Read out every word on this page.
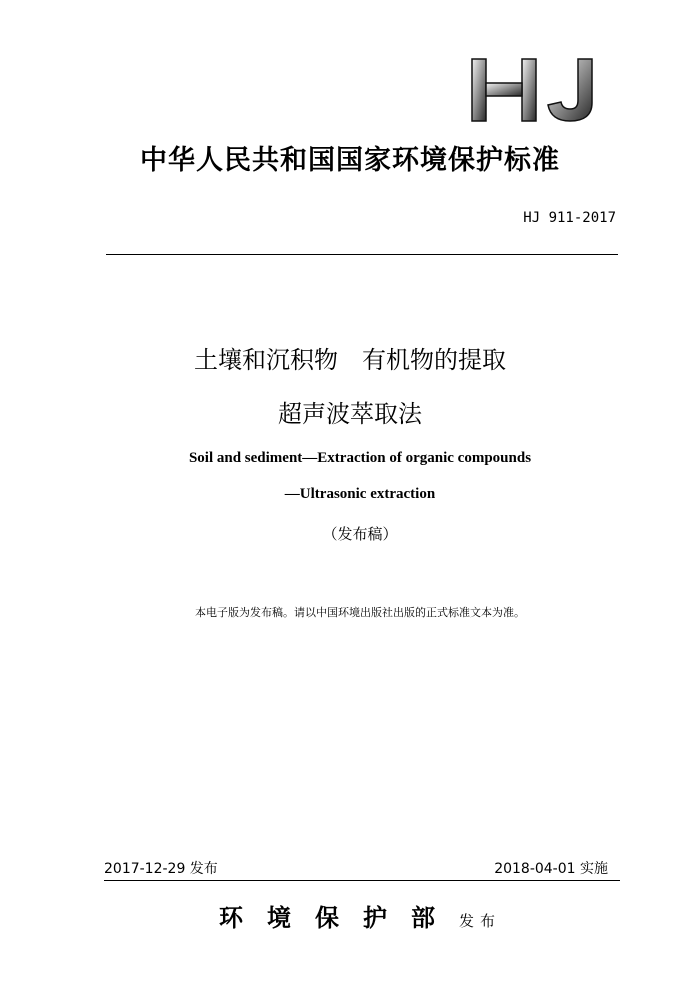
中华人民共和国国家环境保护标准
HJ 911-2017
土壤和沉积物　有机物的提取
超声波萃取法
Soil and sediment—Extraction of organic compounds
—Ultrasonic extraction
（发布稿）
本电子版为发布稿。请以中国环境出版社出版的正式标准文本为准。
2017-12-29 发布	2018-04-01 实施
环境保护部发布
